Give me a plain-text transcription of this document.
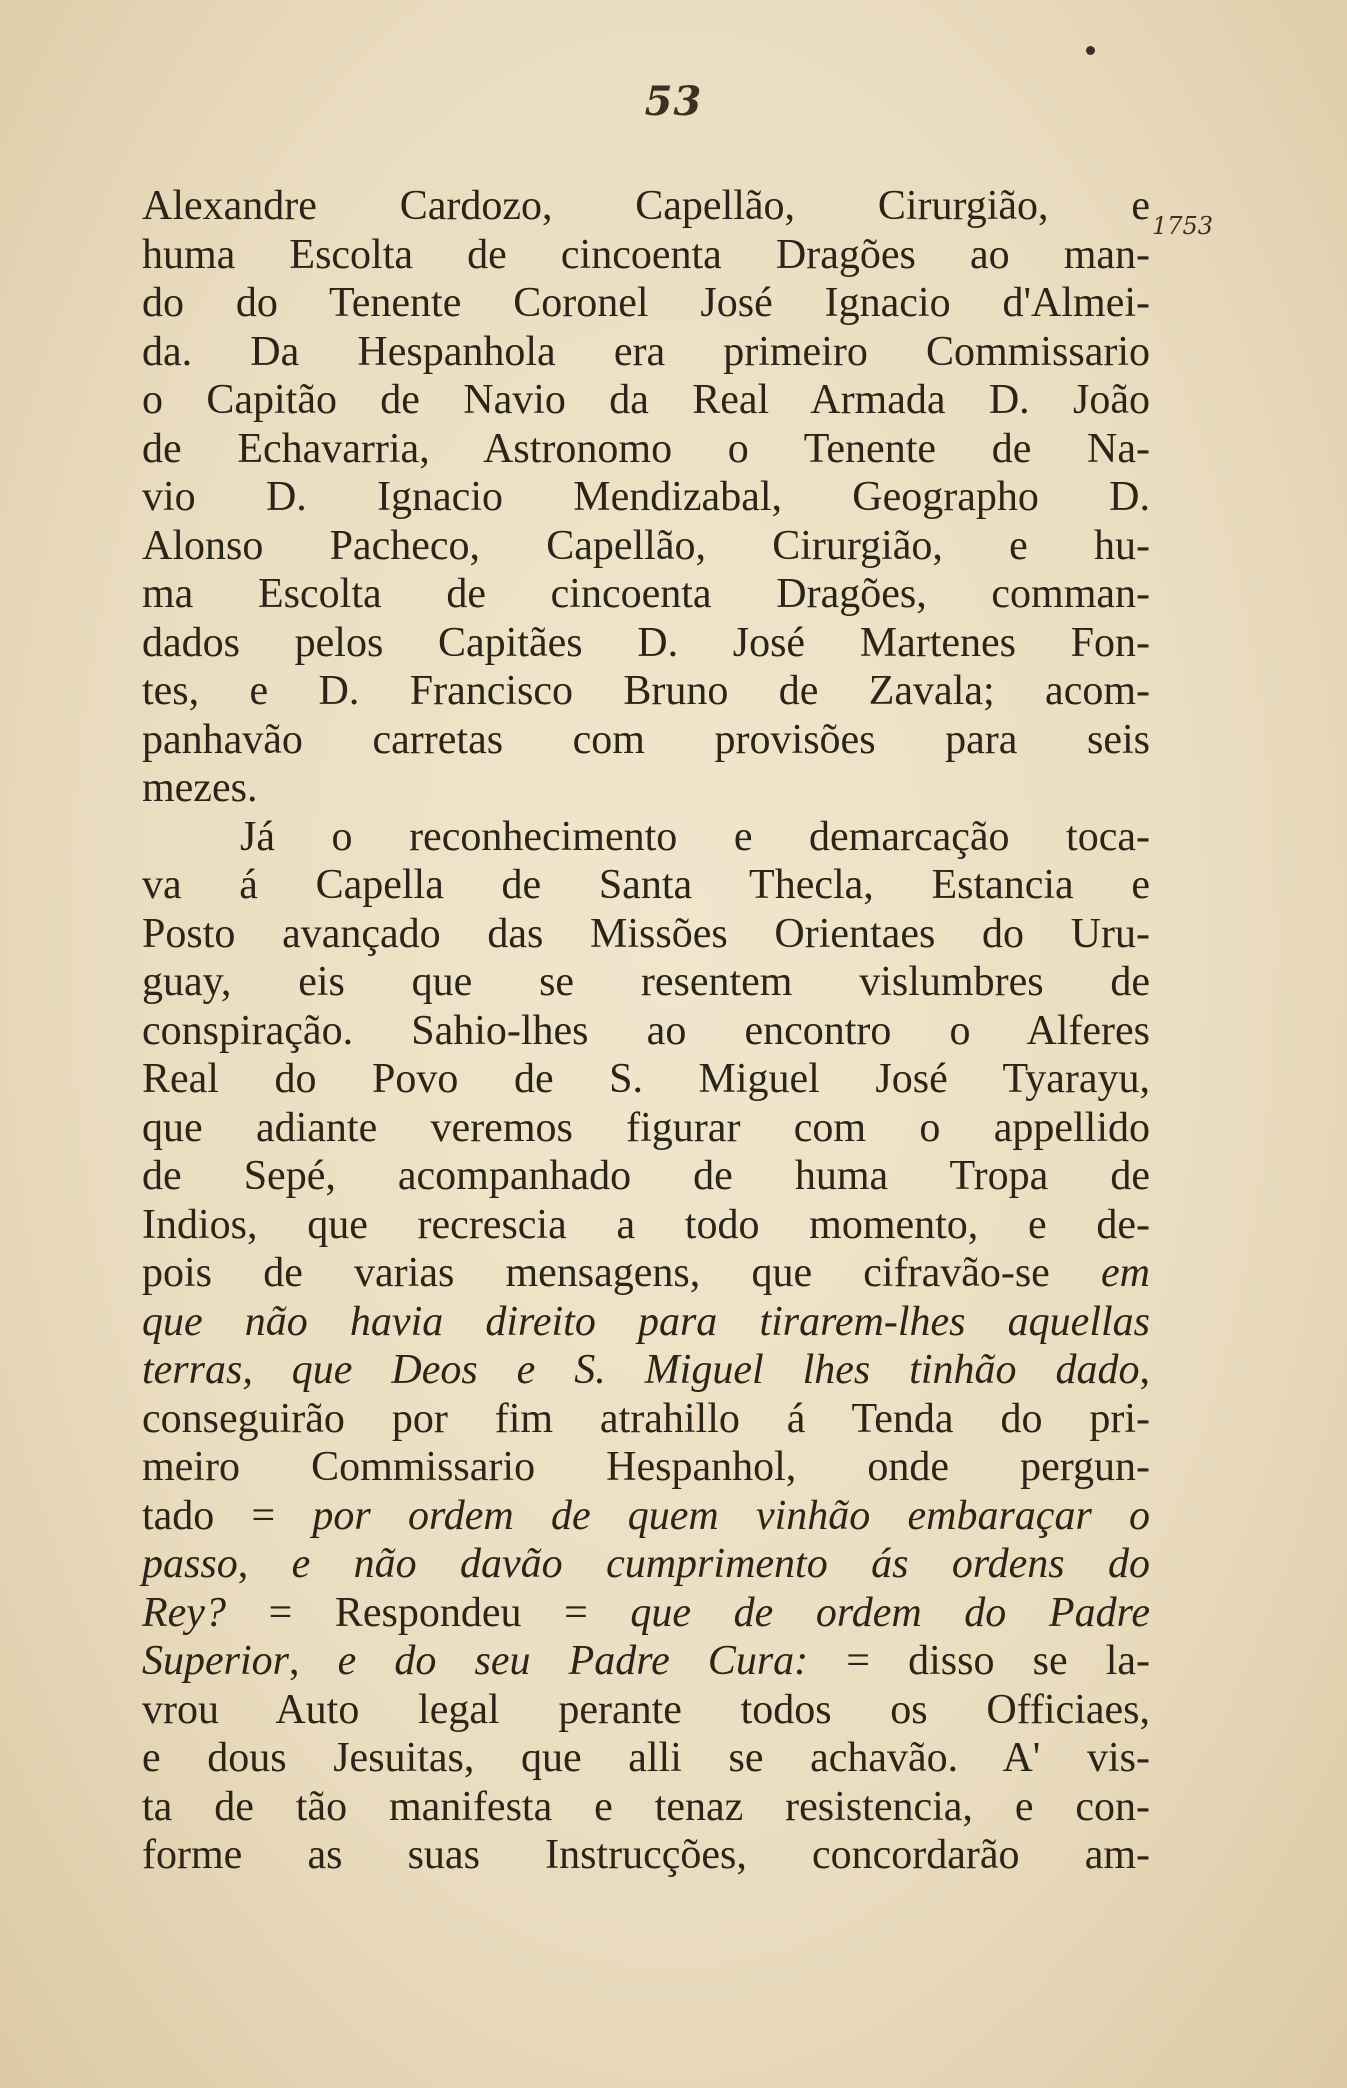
53
1753
Alexandre Cardozo, Capellão, Cirurgião, e
huma Escolta de cincoenta Dragões ao man-
do do Tenente Coronel José Ignacio d'Almei-
da. Da Hespanhola era primeiro Commissario
o Capitão de Navio da Real Armada D. João
de Echavarria, Astronomo o Tenente de Na-
vio D. Ignacio Mendizabal, Geographo D.
Alonso Pacheco, Capellão, Cirurgião, e hu-
ma Escolta de cincoenta Dragões, comman-
dados pelos Capitães D. José Martenes Fon-
tes, e D. Francisco Bruno de Zavala; acom-
panhavão carretas com provisões para seis
mezes.
Já o reconhecimento e demarcação toca-
va á Capella de Santa Thecla, Estancia e
Posto avançado das Missões Orientaes do Uru-
guay, eis que se resentem vislumbres de
conspiração. Sahio-lhes ao encontro o Alferes
Real do Povo de S. Miguel José Tyarayu,
que adiante veremos figurar com o appellido
de Sepé, acompanhado de huma Tropa de
Indios, que recrescia a todo momento, e de-
pois de varias mensagens, que cifravão-se em
que não havia direito para tirarem-lhes aquellas
terras, que Deos e S. Miguel lhes tinhão dado,
conseguirão por fim atrahillo á Tenda do pri-
meiro Commissario Hespanhol, onde pergun-
tado = por ordem de quem vinhão embaraçar o
passo, e não davão cumprimento ás ordens do
Rey? = Respondeu = que de ordem do Padre
Superior, e do seu Padre Cura: = disso se la-
vrou Auto legal perante todos os Officiaes,
e dous Jesuitas, que alli se achavão. A' vis-
ta de tão manifesta e tenaz resistencia, e con-
forme as suas Instrucções, concordarão am-
